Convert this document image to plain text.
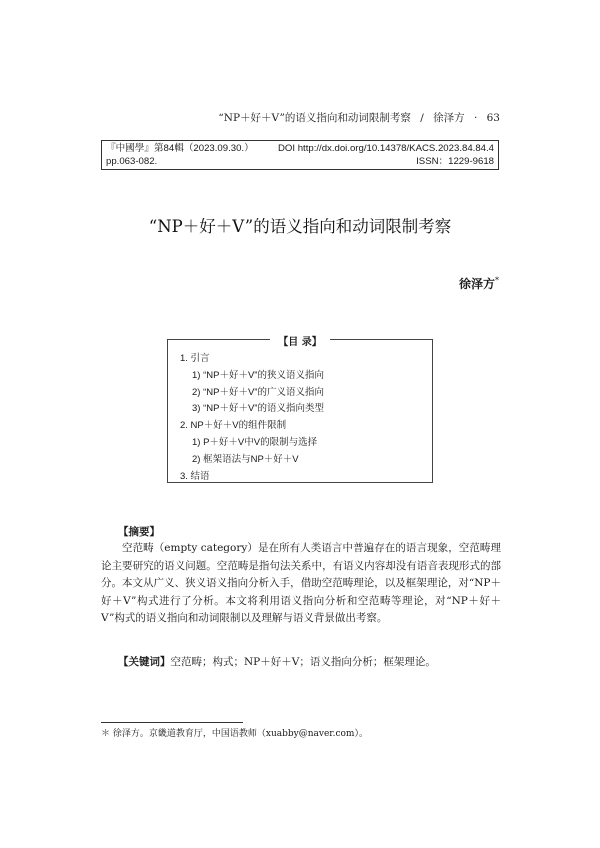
“NP＋好＋V”的语义指向和动词限制考察 / 徐泽方 · 63
『中國學』第84輯（2023.09.30.）	DOI http://dx.doi.org/10.14378/KACS.2023.84.84.4
pp.063-082.	ISSN：1229-9618
“NP＋好＋V”的语义指向和动词限制考察
徐泽方*
【目 录】
1. 引言
1) “NP＋好＋V”的狭义语义指向
2) “NP＋好＋V”的广义语义指向
3) “NP＋好＋V”的语义指向类型
2. NP＋好＋V的组件限制
1) P＋好＋V中V的限制与选择
2) 框架语法与NP＋好＋V
3. 结语
【摘要】

空范畴（empty category）是在所有人类语言中普遍存在的语言现象，空范畴理论主要研究的语义问题。空范畴是指句法关系中，有语义内容却没有语音表现形式的部分。本文从广义、狭义语义指向分析入手，借助空范畴理论，以及框架理论，对“NP＋好＋V”构式进行了分析。本文将利用语义指向分析和空范畴等理论，对“NP＋好＋V”构式的语义指向和动词限制以及理解与语义背景做出考察。

【关键词】空范畴；构式；NP＋好＋V；语义指向分析；框架理论。
＊ 徐泽方。京畿道教育厅，中国语教师（xuabby@naver.com）。
